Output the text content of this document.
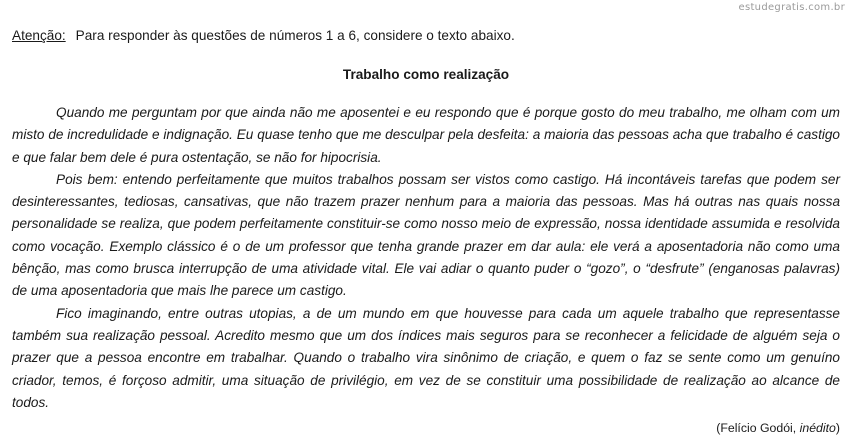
estudegratis.com.br
Atenção: Para responder às questões de números 1 a 6, considere o texto abaixo.
Trabalho como realização

Quando me perguntam por que ainda não me aposentei e eu respondo que é porque gosto do meu trabalho, me olham com um misto de incredulidade e indignação. Eu quase tenho que me desculpar pela desfeita: a maioria das pessoas acha que trabalho é castigo e que falar bem dele é pura ostentação, se não for hipocrisia.

Pois bem: entendo perfeitamente que muitos trabalhos possam ser vistos como castigo. Há incontáveis tarefas que podem ser desinteressantes, tediosas, cansativas, que não trazem prazer nenhum para a maioria das pessoas. Mas há outras nas quais nossa personalidade se realiza, que podem perfeitamente constituir-se como nosso meio de expressão, nossa identidade assumida e resolvida como vocação. Exemplo clássico é o de um professor que tenha grande prazer em dar aula: ele verá a aposentadoria não como uma bênção, mas como brusca interrupção de uma atividade vital. Ele vai adiar o quanto puder o “gozo”, o “desfrute” (enganosas palavras) de uma aposentadoria que mais lhe parece um castigo.

Fico imaginando, entre outras utopias, a de um mundo em que houvesse para cada um aquele trabalho que representasse também sua realização pessoal. Acredito mesmo que um dos índices mais seguros para se reconhecer a felicidade de alguém seja o prazer que a pessoa encontre em trabalhar. Quando o trabalho vira sinônimo de criação, e quem o faz se sente como um genuíno criador, temos, é forçoso admitir, uma situação de privilégio, em vez de se constituir uma possibilidade de realização ao alcance de todos.

(Felício Godói, inédito)
